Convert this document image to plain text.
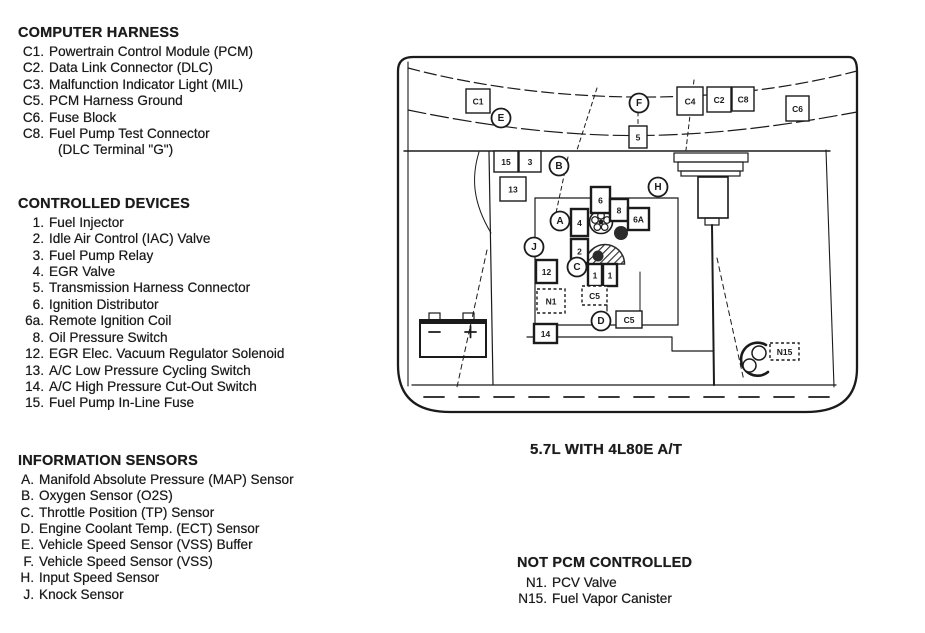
COMPUTER HARNESS
C1. Powertrain Control Module (PCM)
C2. Data Link Connector (DLC)
C3. Malfunction Indicator Light (MIL)
C5. PCM Harness Ground
C6. Fuse Block
C8. Fuel Pump Test Connector
(DLC Terminal "G")
CONTROLLED DEVICES
1. Fuel Injector
2. Idle Air Control (IAC) Valve
3. Fuel Pump Relay
4. EGR Valve
5. Transmission Harness Connector
6. Ignition Distributor
6a. Remote Ignition Coil
8. Oil Pressure Switch
12. EGR Elec. Vacuum Regulator Solenoid
13. A/C Low Pressure Cycling Switch
14. A/C High Pressure Cut-Out Switch
15. Fuel Pump In-Line Fuse
INFORMATION SENSORS
A. Manifold Absolute Pressure (MAP) Sensor
B. Oxygen Sensor (O2S)
C. Throttle Position (TP) Sensor
D. Engine Coolant Temp. (ECT) Sensor
E. Vehicle Speed Sensor (VSS) Buffer
F. Vehicle Speed Sensor (VSS)
H. Input Speed Sensor
J. Knock Sensor
C1	C4 C2 C8
C6
5
15 3
13
6
8
6A
4
2
12	1 1
14
C5
N1
C5
N15
E
F
B
H
A
J
C
D
5.7L WITH 4L80E A/T
NOT PCM CONTROLLED
N1. PCV Valve
N15. Fuel Vapor Canister
